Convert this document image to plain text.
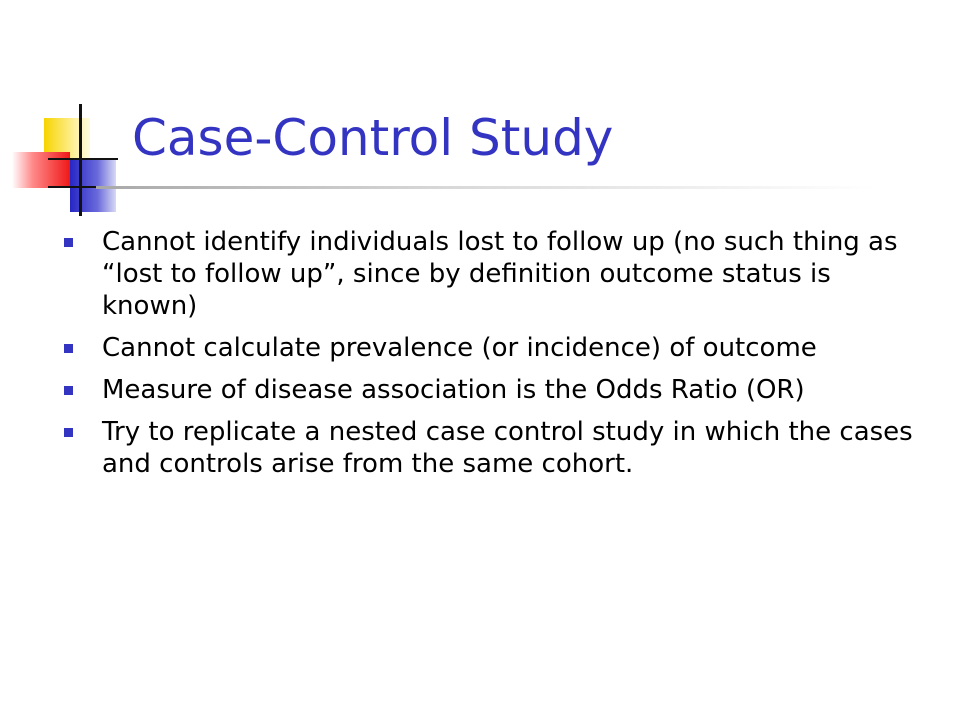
Case-Control Study
Cannot identify individuals lost to follow up (no such thing as “lost to follow up”, since by definition outcome status is known)
Cannot calculate prevalence (or incidence) of outcome
Measure of disease association is the Odds Ratio (OR)
Try to replicate a nested case control study in which the cases and controls arise from the same cohort.
